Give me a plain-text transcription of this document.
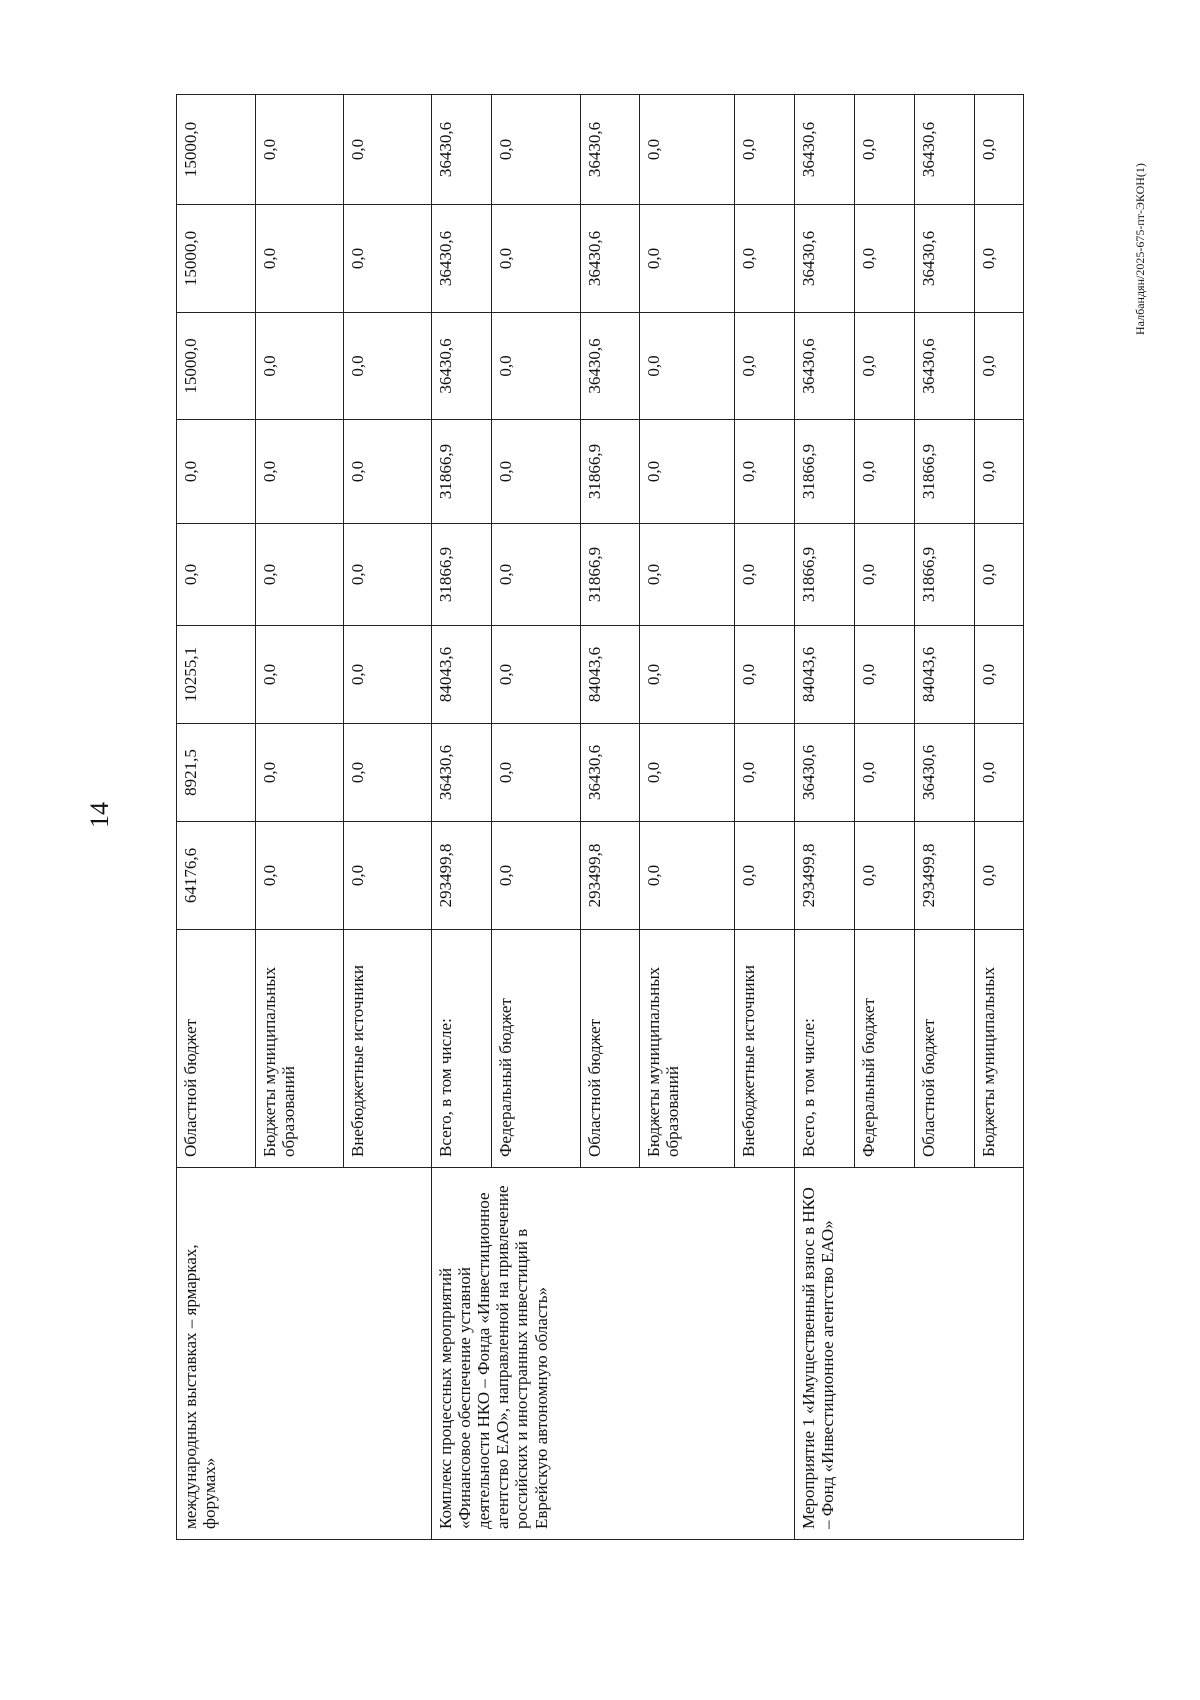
14
Налбандян/2025-675-пт-ЭКОН(1)
международных выставках – ярмарках, форумах»	Областной бюджет	64176,6	8921,5	10255,1	0,0	0,0	15000,0	15000,0	15000,0
	Бюджеты муниципальных образований	0,0	0,0	0,0	0,0	0,0	0,0	0,0	0,0
	Внебюджетные источники	0,0	0,0	0,0	0,0	0,0	0,0	0,0	0,0
Комплекс процессных мероприятий «Финансовое обеспечение уставной деятельности НКО – Фонда «Инвестиционное агентство ЕАО», направленной на привлечение российских и иностранных инвестиций в Еврейскую автономную область»	Всего, в том числе:	293499,8	36430,6	84043,6	31866,9	31866,9	36430,6	36430,6	36430,6
	Федеральный бюджет	0,0	0,0	0,0	0,0	0,0	0,0	0,0	0,0
	Областной бюджет	293499,8	36430,6	84043,6	31866,9	31866,9	36430,6	36430,6	36430,6
	Бюджеты муниципальных образований	0,0	0,0	0,0	0,0	0,0	0,0	0,0	0,0
	Внебюджетные источники	0,0	0,0	0,0	0,0	0,0	0,0	0,0	0,0
Мероприятие 1 «Имущественный взнос в НКО – Фонд «Инвестиционное агентство ЕАО»	Всего, в том числе:	293499,8	36430,6	84043,6	31866,9	31866,9	36430,6	36430,6	36430,6
	Федеральный бюджет	0,0	0,0	0,0	0,0	0,0	0,0	0,0	0,0
	Областной бюджет	293499,8	36430,6	84043,6	31866,9	31866,9	36430,6	36430,6	36430,6
	Бюджеты муниципальных	0,0	0,0	0,0	0,0	0,0	0,0	0,0	0,0
